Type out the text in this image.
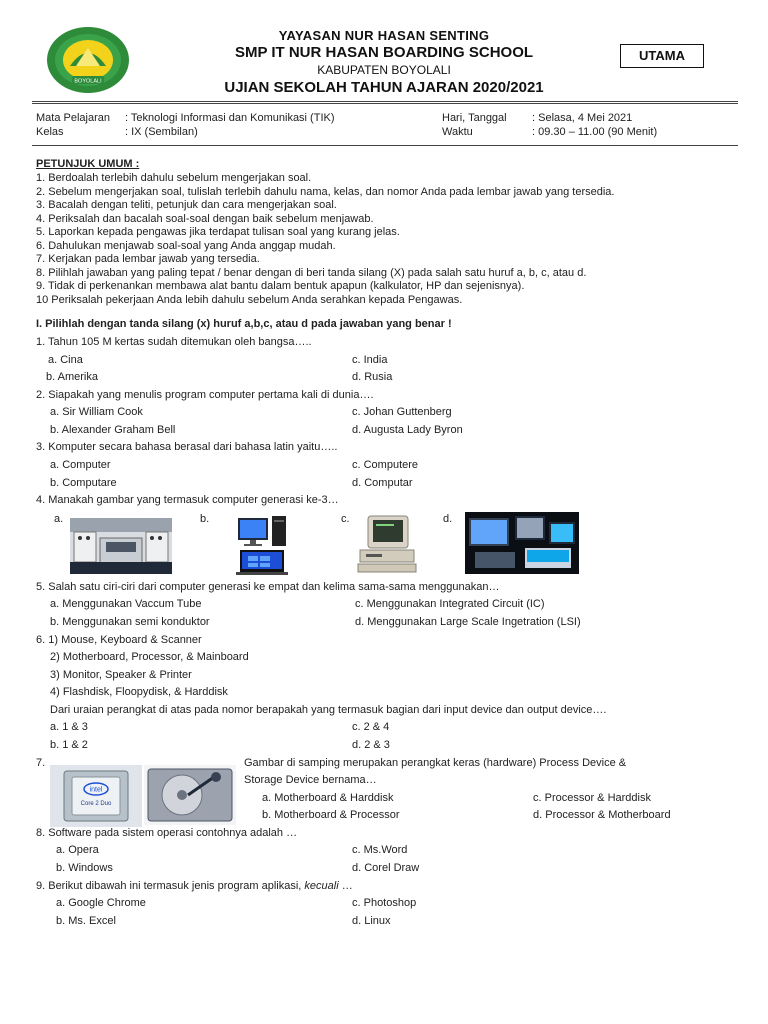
BOYOLALI
YAYASAN NUR HASAN SENTING
SMP IT NUR HASAN BOARDING SCHOOL
KABUPATEN BOYOLALI
UJIAN SEKOLAH TAHUN AJARAN 2020/2021
UTAMA
Mata Pelajaran : Teknologi Informasi dan Komunikasi (TIK)
Kelas	: IX (Sembilan)
Hari, Tanggal : Selasa, 4 Mei 2021
Waktu	: 09.30 – 11.00 (90 Menit)
PETUNJUK UMUM :
1. Berdoalah terlebih dahulu sebelum mengerjakan soal.
2. Sebelum mengerjakan soal, tulislah terlebih dahulu nama, kelas, dan nomor Anda pada lembar jawab yang tersedia.
3. Bacalah dengan teliti, petunjuk dan cara mengerjakan soal.
4. Periksalah dan bacalah soal-soal dengan baik sebelum menjawab.
5. Laporkan kepada pengawas jika terdapat tulisan soal yang kurang jelas.
6. Dahulukan menjawab soal-soal yang Anda anggap mudah.
7. Kerjakan pada lembar jawab yang tersedia.
8. Pilihlah jawaban yang paling tepat / benar dengan di beri tanda silang (X) pada salah satu huruf a, b, c, atau d.
9. Tidak di perkenankan membawa alat bantu dalam bentuk apapun (kalkulator, HP dan sejenisnya).
10 Periksalah pekerjaan Anda lebih dahulu sebelum Anda serahkan kepada Pengawas.
I. Pilihlah dengan tanda silang (x) huruf a,b,c, atau d pada jawaban yang benar !
1. Tahun 105 M kertas sudah ditemukan oleh bangsa…..
a. Cina
b. Amerika
c. India
d. Rusia
2. Siapakah yang menulis program computer pertama kali di dunia….
a. Sir William Cook
b. Alexander Graham Bell
c. Johan Guttenberg
d. Augusta Lady Byron
3. Komputer secara bahasa berasal dari bahasa latin yaitu…..
a. Computer
b. Computare
c. Computere
d. Computar
4. Manakah gambar yang termasuk computer generasi ke-3…
a.	b.	c.	d.
5. Salah satu ciri-ciri dari computer generasi ke empat dan kelima sama-sama menggunakan…
a. Menggunakan Vaccum Tube
b. Menggunakan semi konduktor
c. Menggunakan Integrated Circuit (IC)
d. Menggunakan Large Scale Ingetration (LSI)
6. 1) Mouse, Keyboard & Scanner
2) Motherboard, Processor, & Mainboard
3) Monitor, Speaker & Printer
4) Flashdisk, Floopydisk, & Harddisk
Dari uraian perangkat di atas pada nomor berapakah yang termasuk bagian dari input device dan output device….
a. 1 & 3
b. 1 & 2
c. 2 & 4
d. 2 & 3
7.
intel
Core 2 Duo
Gambar di samping merupakan perangkat keras (hardware) Process Device &
Storage Device bernama…
a. Motherboard & Harddisk
b. Motherboard & Processor
c. Processor & Harddisk
d. Processor & Motherboard
8. Software pada sistem operasi contohnya adalah …
a. Opera
b. Windows
c. Ms.Word
d. Corel Draw
9. Berikut dibawah ini termasuk jenis program aplikasi, kecuali …
a. Google Chrome
b. Ms. Excel
c. Photoshop
d. Linux
